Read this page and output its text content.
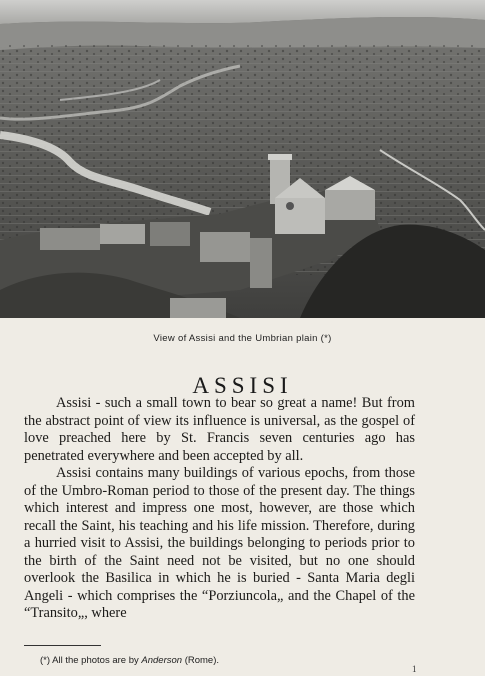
View of Assisi and the Umbrian plain (*)
ASSISI

Assisi - such a small town to bear so great a name! But from the abstract point of view its influence is universal, as the gospel of love preached here by St. Francis seven centuries ago has penetrated everywhere and been accepted by all.

Assisi contains many buildings of various epochs, from those of the Umbro-Roman period to those of the present day. The things which interest and impress one most, however, are those which recall the Saint, his teaching and his life mission. Therefore, during a hurried visit to Assisi, the buildings belonging to periods prior to the birth of the Saint need not be visited, but no one should overlook the Basilica in which he is buried - Santa Maria degli Angeli - which comprises the “Porziuncola„ and the Chapel of the “Transito„, where

(*) All the photos are by Anderson (Rome).
1
